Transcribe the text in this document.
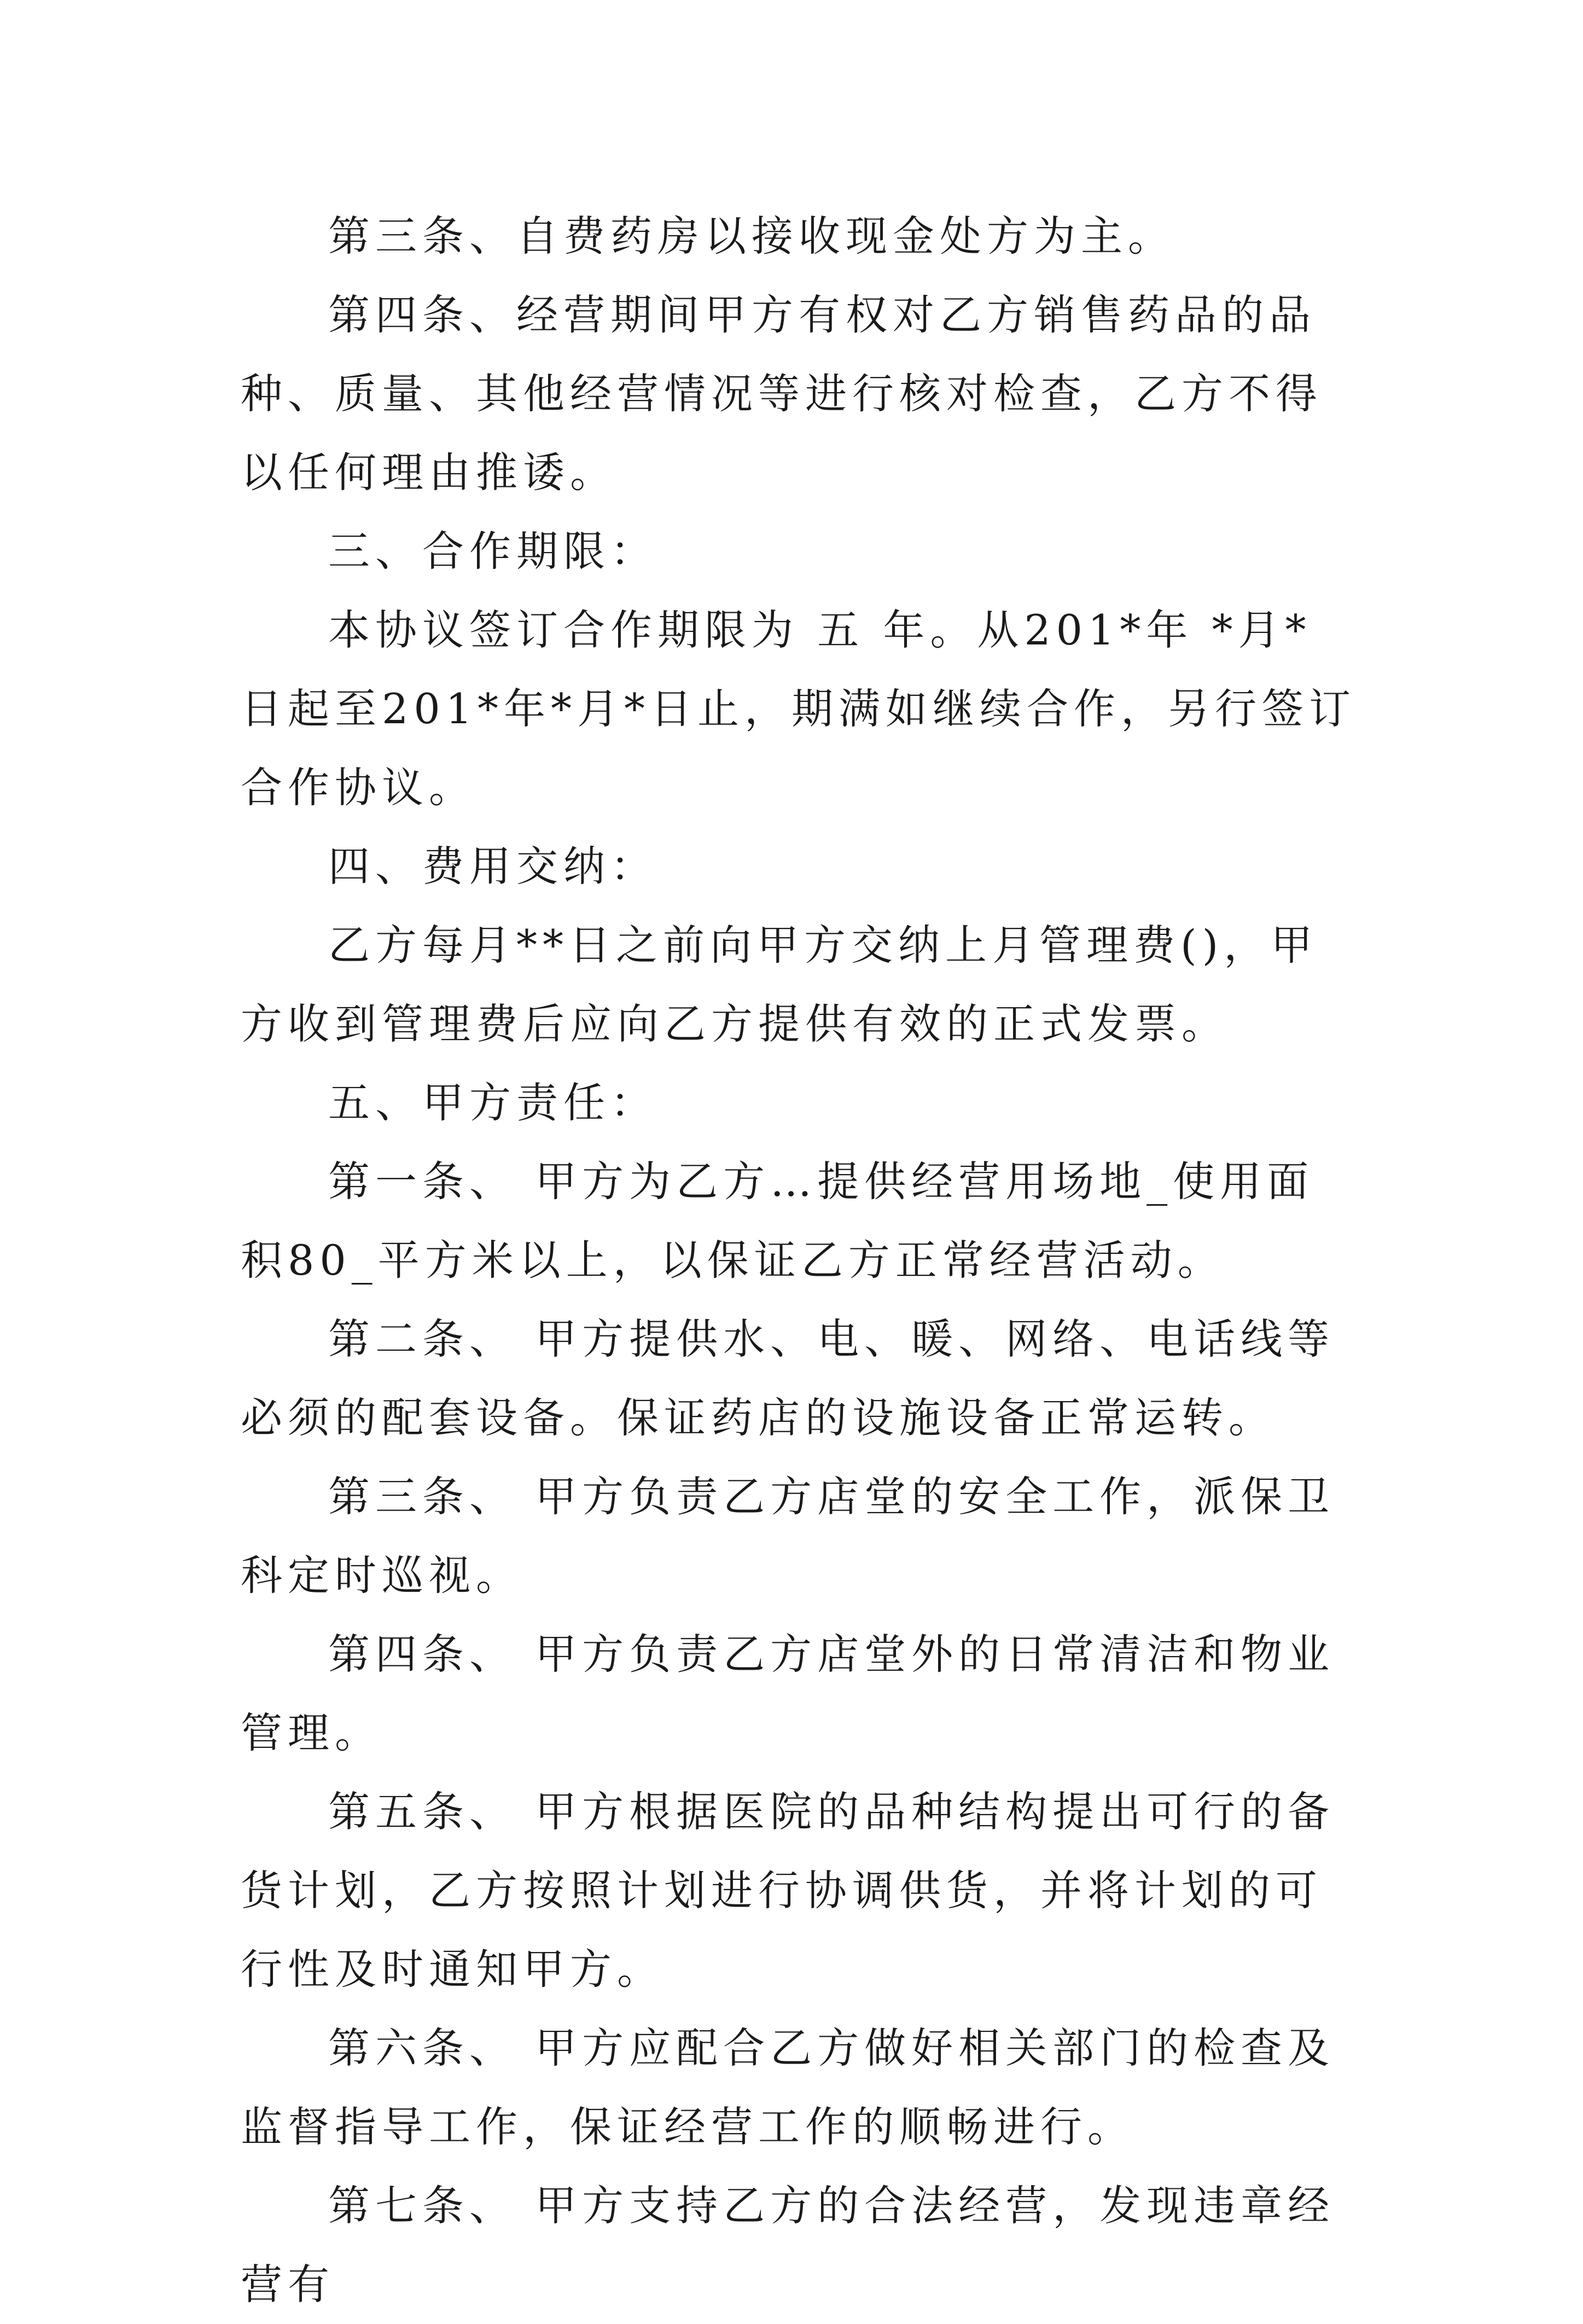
第三条、自费药房以接收现金处方为主。

第四条、经营期间甲方有权对乙方销售药品的品种、质量、其他经营情况等进行核对检查，乙方不得以任何理由推诿。

三、合作期限：

本协议签订合作期限为 五 年。从201*年 *月*日起至201*年*月*日止，期满如继续合作，另行签订合作协议。

四、费用交纳：

乙方每月**日之前向甲方交纳上月管理费()，甲方收到管理费后应向乙方提供有效的正式发票。

五、甲方责任：

第一条、 甲方为乙方…提供经营用场地_使用面积80_平方米以上，以保证乙方正常经营活动。

第二条、 甲方提供水、电、暖、网络、电话线等必须的配套设备。保证药店的设施设备正常运转。

第三条、 甲方负责乙方店堂的安全工作，派保卫科定时巡视。

第四条、 甲方负责乙方店堂外的日常清洁和物业管理。

第五条、 甲方根据医院的品种结构提出可行的备货计划，乙方按照计划进行协调供货，并将计划的可行性及时通知甲方。

第六条、 甲方应配合乙方做好相关部门的检查及监督指导工作，保证经营工作的顺畅进行。

第七条、 甲方支持乙方的合法经营，发现违章经营有
